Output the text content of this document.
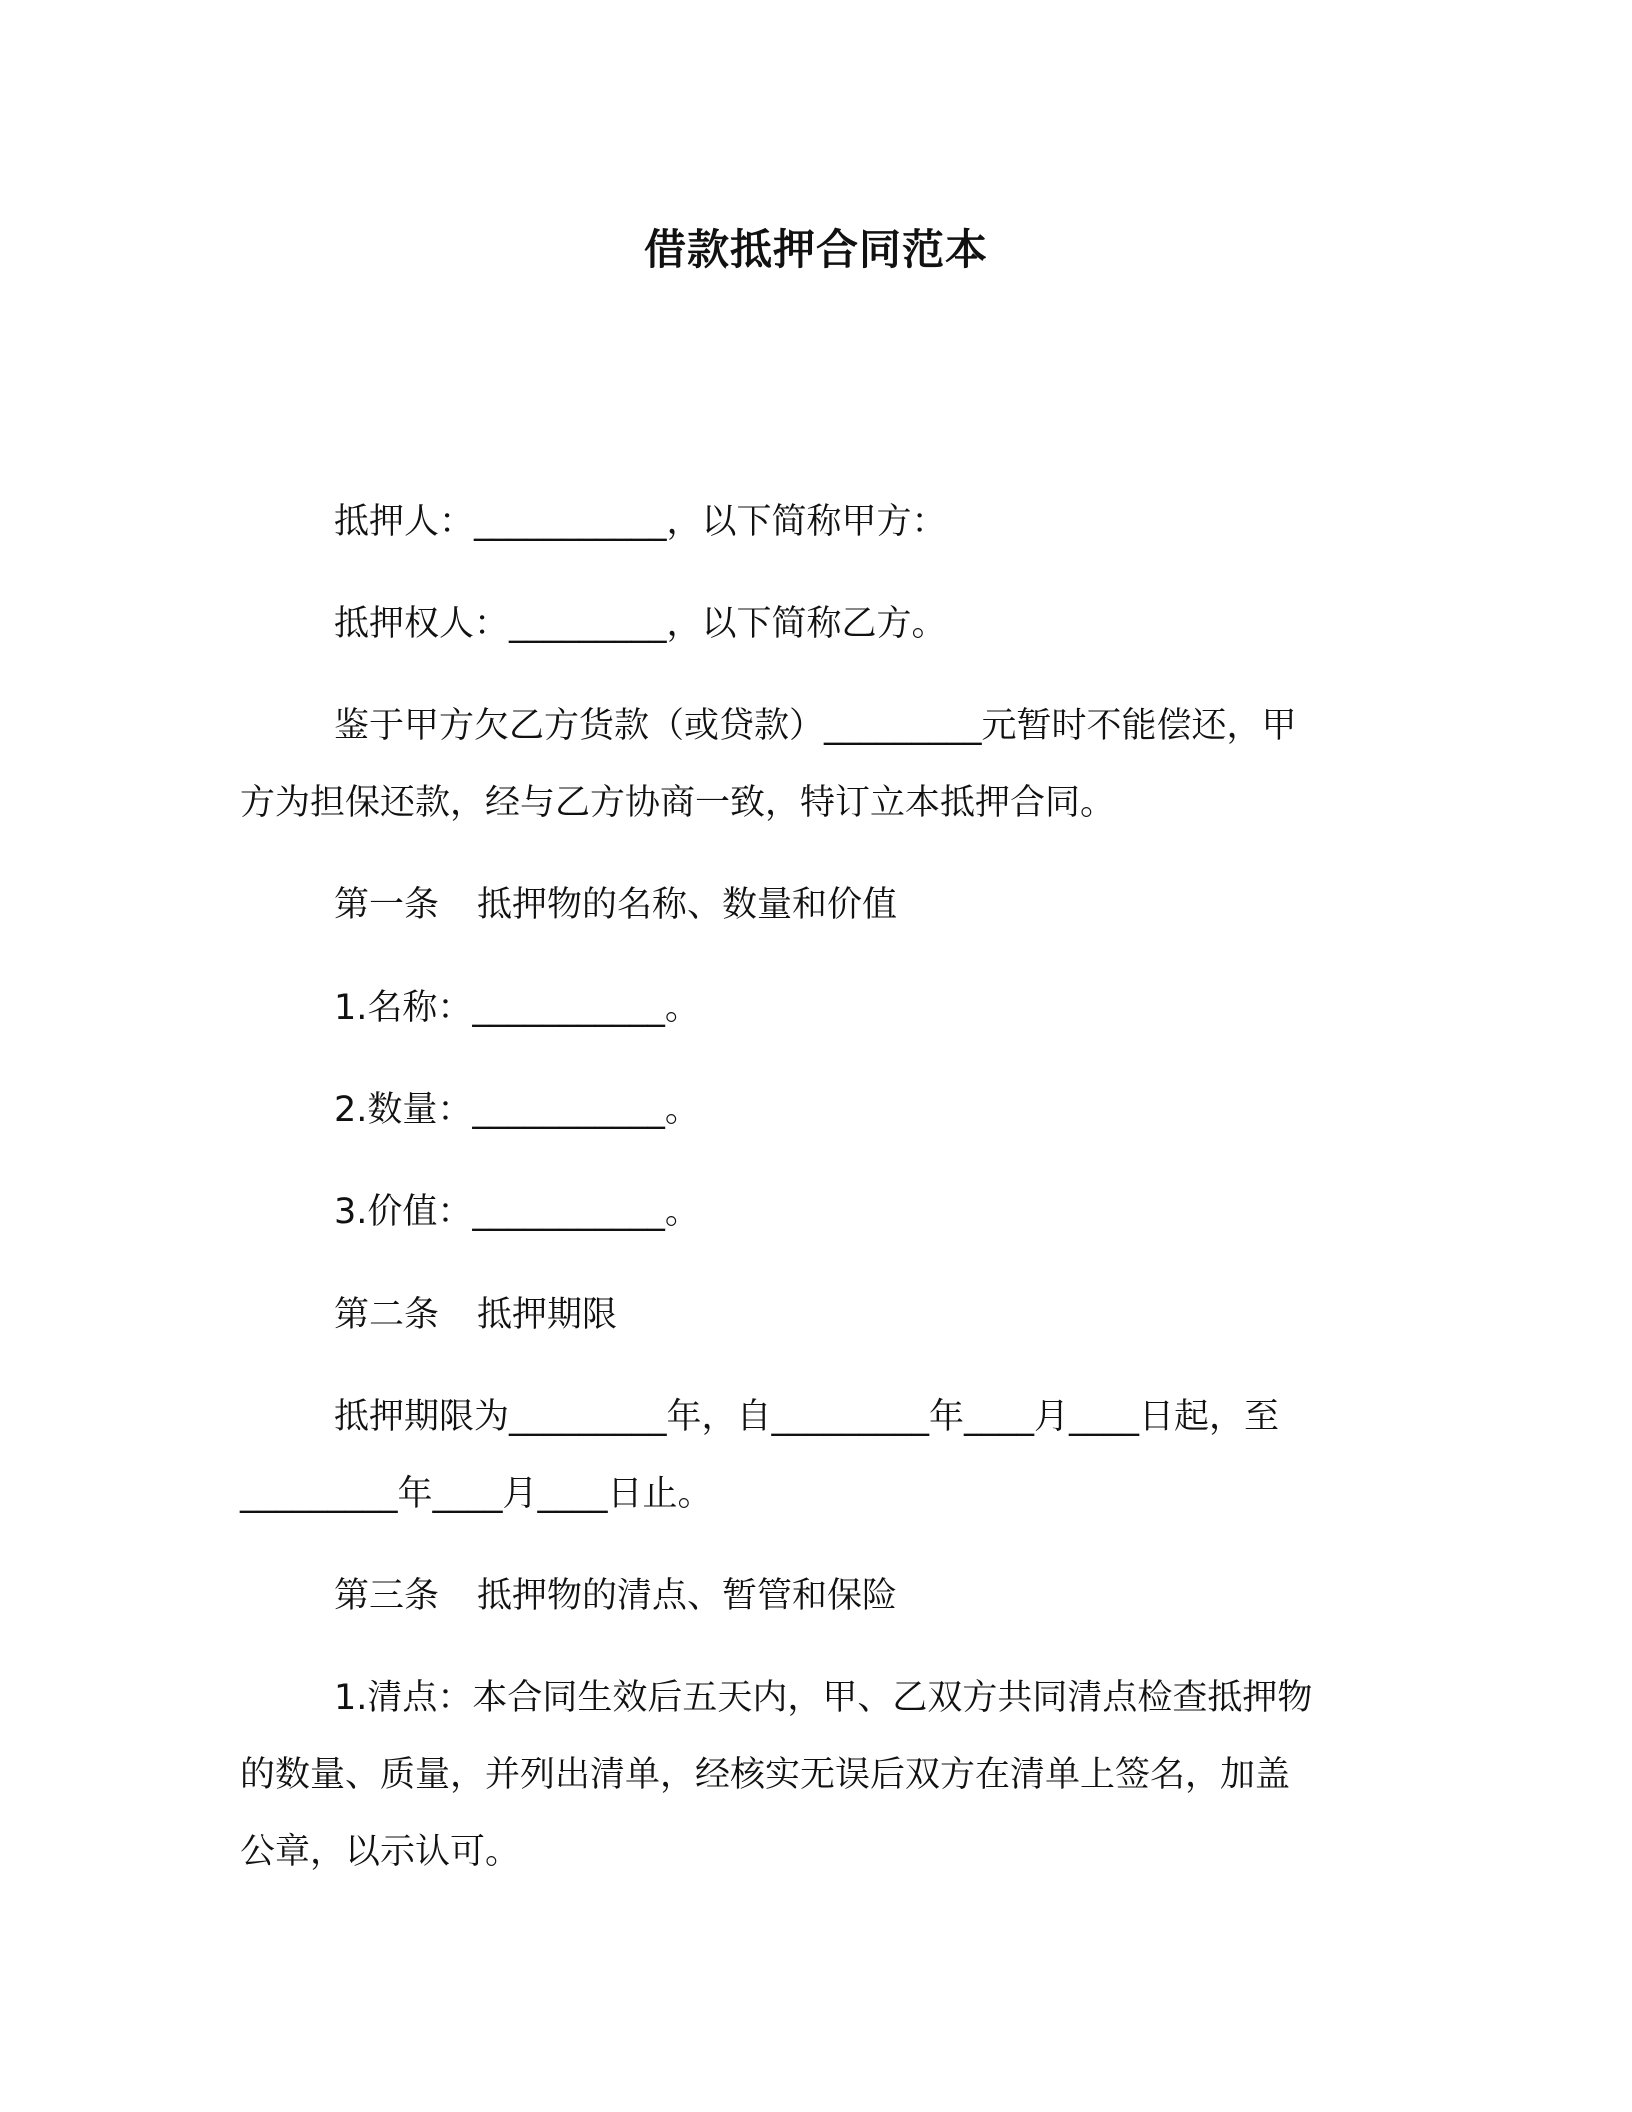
借款抵押合同范本

抵押人：___________，以下简称甲方：

抵押权人：_________，以下简称乙方。

鉴于甲方欠乙方货款（或贷款）_________元暂时不能偿还，甲

方为担保还款，经与乙方协商一致，特订立本抵押合同。

第一条 抵押物的名称、数量和价值

1.名称：___________。

2.数量：___________。

3.价值：___________。

第二条 抵押期限

抵押期限为_________年，自_________年____月____日起，至

_________年____月____日止。

第三条 抵押物的清点、暂管和保险

1.清点：本合同生效后五天内，甲、乙双方共同清点检查抵押物

的数量、质量，并列出清单，经核实无误后双方在清单上签名，加盖

公章，以示认可。
